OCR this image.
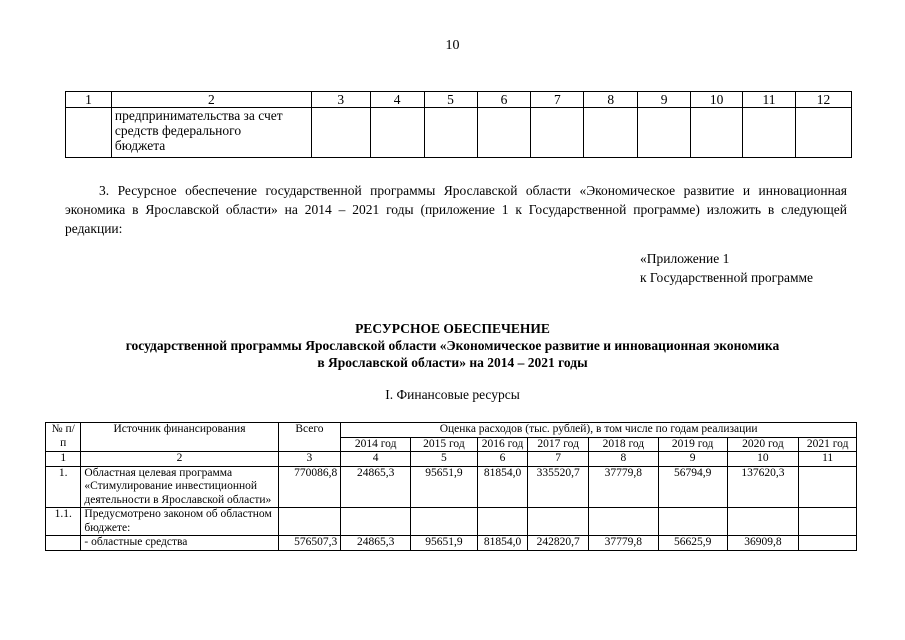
10
1	2	3	4	5	6	7	8	9	10	11	12

	предпринимательства за счет
средств федерального
бюджета										

3. Ресурсное обеспечение государственной программы Ярославской области «Экономическое развитие и инновационная экономика в Ярославской области» на 2014 – 2021 годы (приложение 1 к Государственной программе) изложить в следующей редакции:
«Приложение 1
к Государственной программе
РЕСУРСНОЕ ОБЕСПЕЧЕНИЕ
государственной программы Ярославской области «Экономическое развитие и инновационная экономика
в Ярославской области» на 2014 – 2021 годы
I. Финансовые ресурсы
№ п/п	Источник финансирования	Всего	Оценка расходов (тыс. рублей), в том числе по годам реализации							
			2014 год	2015 год	2016 год	2017 год	2018 год	2019 год	2020 год	2021 год
1	2	3	4	5	6	7	8	9	10	11
1.	Областная целевая программа «Стимулирование инвестиционной деятельности в Ярославской области»	770086,8	24865,3	95651,9	81854,0	335520,7	37779,8	56794,9	137620,3	
1.1.	Предусмотрено законом об областном бюджете:									
	- областные средства	576507,3	24865,3	95651,9	81854,0	242820,7	37779,8	56625,9	36909,8	
